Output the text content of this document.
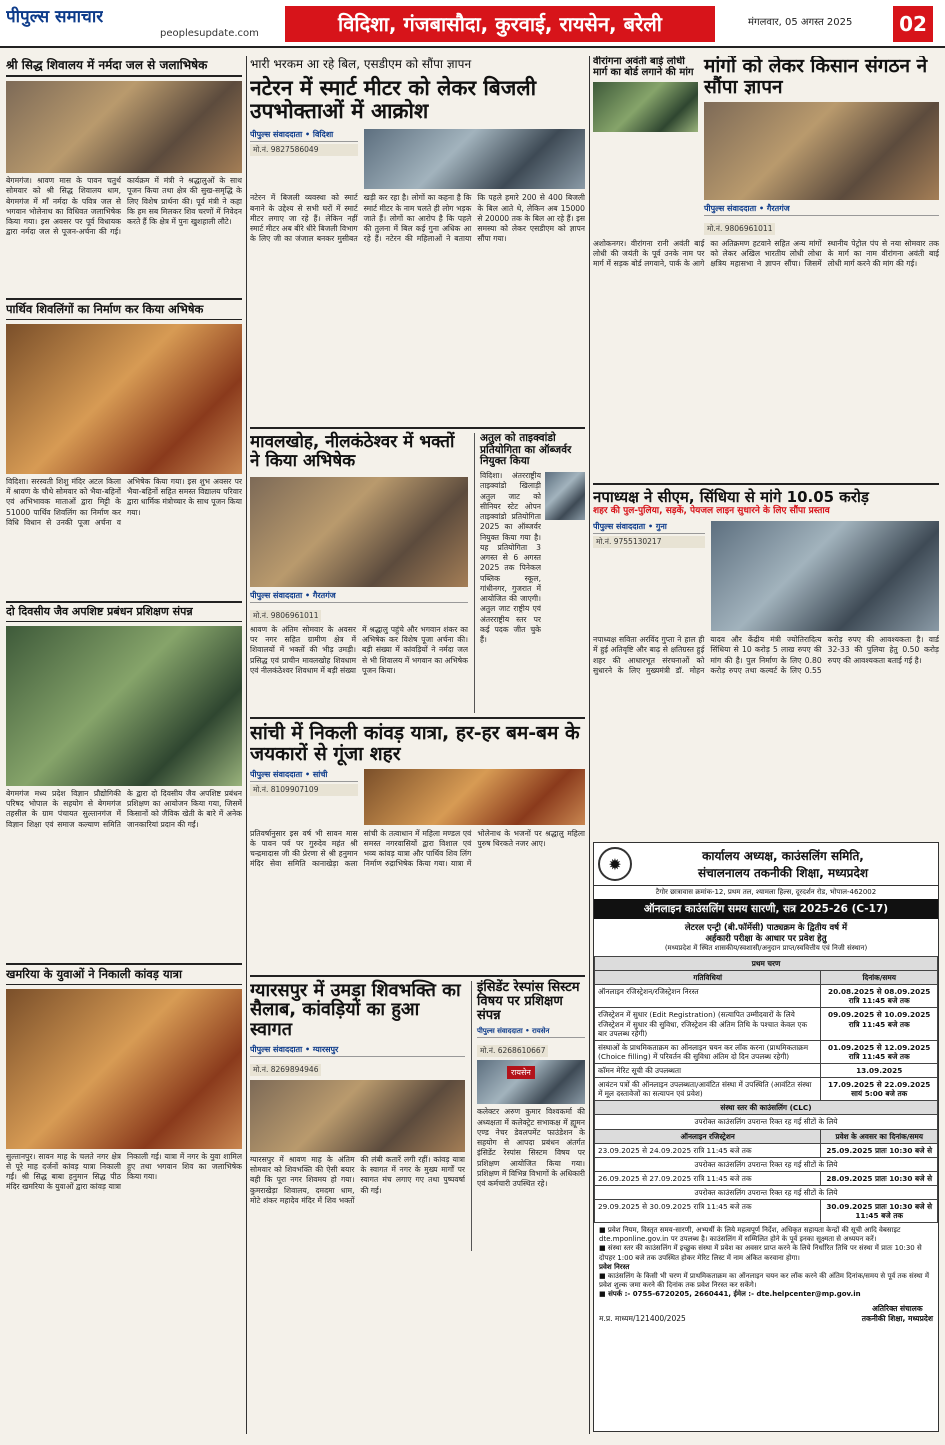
पीपुल्स समाचार
peoplesupdate.com	विदिशा, गंजबासौदा, कुरवाई, रायसेन, बरेली	मंगलवार, 05 अगस्त 2025	02
श्री सिद्ध शिवालय में नर्मदा जल से जलाभिषेक
बेगमगंज। श्रावण मास के पावन चतुर्थ सोमवार को श्री सिद्ध शिवालय धाम, बेगमगंज में माँ नर्मदा के पवित्र जल से भगवान भोलेनाथ का विधिवत जलाभिषेक किया गया। इस अवसर पर पूर्व विधायक द्वारा नर्मदा जल से पूजन-अर्चना की गई। कार्यक्रम में मंत्री ने श्रद्धालुओं के साथ पूजन किया तथा क्षेत्र की सुख-समृद्धि के लिए विशेष प्रार्थना की। पूर्व मंत्री ने कहा कि हम सब मिलकर शिव चरणों में निवेदन करते हैं कि क्षेत्र में पुनः खुशहाली लौटे।
पार्थिव शिवलिंगों का निर्माण कर किया अभिषेक
विदिशा। सरस्वती शिशु मंदिर अटल किला में श्रावण के चौथे सोमवार को भैया-बहिनों एवं अभिभावक माताओं द्वारा मिट्टी के 51000 पार्थिव शिवलिंग का निर्माण कर विधि विधान से उनकी पूजा अर्चना व अभिषेक किया गया। इस शुभ अवसर पर भैया-बहिनों सहित समस्त विद्यालय परिवार द्वारा धार्मिक मंत्रोच्चार के साथ पूजन किया गया।
दो दिवसीय जैव अपशिष्ट प्रबंधन प्रशिक्षण संपन्न
बेगमगंज मध्य प्रदेश विज्ञान प्रौद्योगिकी परिषद भोपाल के सहयोग से बेगमगंज तहसील के ग्राम पंचायत सुल्तानगंज में विज्ञान शिक्षा एवं समाज कल्याण समिति के द्वारा दो दिवसीय जैव अपशिष्ट प्रबंधन प्रशिक्षण का आयोजन किया गया, जिसमें किसानों को जैविक खेती के बारे में अनेक जानकारियां प्रदान की गईं।
खमरिया के युवाओं ने निकाली कांवड़ यात्रा
सुल्तानपुर। सावन माह के चलते नगर क्षेत्र से पूरे माह दर्जनों कांवड़ यात्रा निकाली गईं। श्री सिद्ध बाबा हनुमान सिद्ध पीठ मंदिर खमरिया के युवाओं द्वारा कांवड़ यात्रा निकाली गई। यात्रा में नगर के युवा शामिल हुए तथा भगवान शिव का जलाभिषेक किया गया।
भारी भरकम आ रहे बिल, एसडीएम को सौंपा ज्ञापन
नटेरन में स्मार्ट मीटर को लेकर बिजली उपभोक्ताओं में आक्रोश
पीपुल्स संवाददाता • विदिशा
मो.नं. 9827586049
नटेरन में बिजली व्यवस्था को स्मार्ट बनाने के उद्देश्य से सभी घरों में स्मार्ट मीटर लगाए जा रहे हैं। लेकिन नहीं स्मार्ट मीटर अब बीरे धीरे बिजली विभाग के लिए जी का जंजाल बनकर मुसीबत खड़ी कर रहा है। लोगों का कहना है कि स्मार्ट मीटर के नाम चलते ही लोग भड़क जाते हैं। लोगों का आरोप है कि पहले की तुलना में बिल कई गुना अधिक आ रहे हैं। नटेरन की महिलाओं ने बताया कि पहले हमारे 200 से 400 बिजली के बिल आते थे, लेकिन अब 15000 से 20000 तक के बिल आ रहे हैं। इस समस्या को लेकर एसडीएम को ज्ञापन सौंपा गया।
मावलखोह, नीलकंठेश्वर में भक्तों ने किया अभिषेक
पीपुल्स संवाददाता • गैरतगंज
मो.नं. 9806961011
श्रावण के अंतिम सोमवार के अवसर पर नगर सहित ग्रामीण क्षेत्र में शिवालयों में भक्तों की भीड़ उमड़ी। प्रसिद्ध एवं प्राचीन मावलखोह शिवधाम एवं नीलकंठेश्वर शिवधाम में बड़ी संख्या में श्रद्धालु पहुंचे और भगवान शंकर का अभिषेक कर विशेष पूजा अर्चना की। बड़ी संख्या में कांवड़ियों ने नर्मदा जल से भी शिवालय में भगवान का अभिषेक पूजन किया।
अतुल को ताइक्वांडो प्रतियोगिता का ऑब्जर्वर नियुक्त किया
विदिशा। अंतरराष्ट्रीय ताइक्वांडो खिलाड़ी अतुल जाट को सीनियर स्टेट ओपन ताइक्वांडो प्रतियोगिता 2025 का ऑब्जर्वर नियुक्त किया गया है। यह प्रतियोगिता 3 अगस्त से 6 अगस्त 2025 तक पिनेकल पब्लिक स्कूल, गांधीनगर, गुजरात में आयोजित की जाएगी। अतुल जाट राष्ट्रीय एवं अंतरराष्ट्रीय स्तर पर कई पदक जीत चुके हैं।
सांची में निकली कांवड़ यात्रा, हर-हर बम-बम के जयकारों से गूंजा शहर
पीपुल्स संवाददाता • सांची
मो.नं. 8109907109
प्रतिवर्षानुसार इस वर्ष भी सावन मास के पावन पर्व पर गुरुदेव महंत श्री चन्द्रमादास जी की प्रेरणा से श्री हनुमान मंदिर सेवा समिति कानाखेड़ा कला सांची के तत्वाधान में महिला मण्डल एवं समस्त नगरवासियों द्वारा विशाल एवं भव्य कांवड़ यात्रा और पार्थिव शिव लिंग निर्माण रुद्राभिषेक किया गया। यात्रा में भोलेनाथ के भजनों पर श्रद्धालु महिला पुरुष थिरकते नजर आए।
ग्यारसपुर में उमड़ा शिवभक्ति का सैलाब, कांवड़ियों का हुआ स्वागत
पीपुल्स संवाददाता • ग्यारसपुर
मो.नं. 8269894946
ग्यारसपुर में श्रावण माह के अंतिम सोमवार को शिवभक्ति की ऐसी बयार बही कि पूरा नगर शिवमय हो गया। कुमराखेड़ा शिवालय, दमदमा धाम, मोटे शंकर महादेव मंदिर में शिव भक्तों की लंबी कतारें लगी रहीं। कांवड़ यात्रा के स्वागत में नगर के मुख्य मार्गों पर स्वागत मंच लगाए गए तथा पुष्पवर्षा की गई।
इंसिडेंट रेस्पांस सिस्टम विषय पर प्रशिक्षण संपन्न
पीपुल्स संवाददाता • रायसेन
मो.नं. 6268610667
रायसेन
कलेक्टर अरुण कुमार विश्वकर्मा की अध्यक्षता में कलेक्ट्रेट सभाकक्ष में ह्यूमन एण्ड नेचर डेवलपमेंट फाउंडेशन के सहयोग से आपदा प्रबंधन अंतर्गत इंसिडेंट रेस्पांस सिस्टम विषय पर प्रशिक्षण आयोजित किया गया। प्रशिक्षण में विभिन्न विभागों के अधिकारी एवं कर्मचारी उपस्थित रहे।
वीरांगना अवंती बाई लोधी मार्ग का बोर्ड लगाने की मांग मांगों को लेकर किसान संगठन ने सौंपा ज्ञापन
पीपुल्स संवाददाता • गैरतगंज
मो.नं. 9806961011
अशोकनगर। वीरांगना रानी अवंती बाई लोधी की जयंती के पूर्व उनके नाम पर मार्ग में सड़क बोर्ड लगवाने, पार्क के आगे का अतिक्रमण हटवाने सहित अन्य मांगों को लेकर अखिल भारतीय लोधी लोधा क्षत्रिय महासभा ने ज्ञापन सौंपा। जिसमें स्थानीय पेट्रोल पंप से नया सोमवार तक के मार्ग का नाम वीरांगना अवंती बाई लोधी मार्ग करने की मांग की गई।
नपाध्यक्ष ने सीएम, सिंधिया से मांगे 10.05 करोड़
शहर की पुल-पुलिया, सड़कें, पेयजल लाइन सुधारने के लिए सौंपा प्रस्ताव
पीपुल्स संवाददाता • गुना
मो.नं. 9755130217
नपाध्यक्ष सविता अरविंद गुप्ता ने हाल ही में हुई अतिवृष्टि और बाढ़ से क्षतिग्रस्त हुई शहर की आधारभूत संरचनाओं को सुधारने के लिए मुख्यमंत्री डॉ. मोहन यादव और केंद्रीय मंत्री ज्योतिरादित्य सिंधिया से 10 करोड़ 5 लाख रुपए की मांग की है। पुल निर्माण के लिए 0.80 करोड़ रुपए तथा कल्वर्ट के लिए 0.55 करोड़ रुपए की आवश्यकता है। वार्ड 32-33 की पुलिया हेतु 0.50 करोड़ रुपए की आवश्यकता बताई गई है।
✹	कार्यालय अध्यक्ष, काउंसलिंग समिति,
संचालनालय तकनीकी शिक्षा, मध्यप्रदेश
टैगोर छात्रावास क्रमांक-12, प्रथम तल, श्यामला हिल्स, दूरदर्शन रोड, भोपाल-462002
ऑनलाइन काउंसलिंग समय सारणी, सत्र 2025-26 (C-17)
लेटरल एन्ट्री (बी.फॉर्मेसी) पाठ्यक्रम के द्वितीय वर्ष में
अर्हकारी परीक्षा के आधार पर प्रवेश हेतु
(मध्यप्रदेश में स्थित शासकीय/स्वशासी/अनुदान प्राप्त/स्ववित्तीय एवं निजी संस्थान)
प्रथम चरण	
गतिविधियां	दिनांक/समय
ऑनलाइन रजिस्ट्रेशन/रजिस्ट्रेशन निरस्त	20.08.2025 से 08.09.2025 रात्रि 11:45 बजे तक
रजिस्ट्रेशन में सुधार (Edit Registration) (सत्यापित उम्मीदवारों के लिये रजिस्ट्रेशन में सुधार की सुविधा, रजिस्ट्रेशन की अंतिम तिथि के पश्चात केवल एक बार उपलब्ध रहेगी)	09.09.2025 से 10.09.2025 रात्रि 11:45 बजे तक
संस्थाओं के प्राथमिकताक्रम का ऑनलाइन चयन कर लॉक करना (प्राथमिकताक्रम (Choice filling) में परिवर्तन की सुविधा अंतिम दो दिन उपलब्ध रहेगी)	01.09.2025 से 12.09.2025 रात्रि 11:45 बजे तक
कॉमन मेरिट सूची की उपलब्धता	13.09.2025
आवंटन पत्रों की ऑनलाइन उपलब्धता/आवंटित संस्था में उपस्थिति (आवंटित संस्था में मूल दस्तावेजों का सत्यापन एवं प्रवेश)	17.09.2025 से 22.09.2025 सायं 5:00 बजे तक
संस्था स्तर की काउंसलिंग (CLC)	
उपरोक्त काउंसलिंग उपरान्त रिक्त रह गई सीटों के लिये	
ऑनलाइन रजिस्ट्रेशन	प्रवेश के अवसर का दिनांक/समय
23.09.2025 से 24.09.2025 रात्रि 11:45 बजे तक	25.09.2025 प्रातः 10:30 बजे से
उपरोक्त काउंसलिंग उपरान्त रिक्त रह गई सीटों के लिये	
26.09.2025 से 27.09.2025 रात्रि 11:45 बजे तक	28.09.2025 प्रातः 10:30 बजे से
उपरोक्त काउंसलिंग उपरान्त रिक्त रह गई सीटों के लिये	
29.09.2025 से 30.09.2025 रात्रि 11:45 बजे तक	30.09.2025 प्रातः 10:30 बजे से 11:45 बजे तक
■ प्रवेश नियम, विस्तृत समय-सारणी, अभ्यर्थी के लिये महत्वपूर्ण निर्देश, अधिकृत सहायता केन्द्रों की सूची आदि वेबसाइट dte.mponline.gov.in पर उपलब्ध है। काउंसलिंग में सम्मिलित होने के पूर्व इनका सूक्ष्मता से अध्ययन करें।
■ संस्था स्तर की काउंसलिंग में इच्छुक संस्था में प्रवेश का अवसर प्राप्त करने के लिये निर्धारित तिथि पर संस्था में प्रातः 10:30 से दोपहर 1:00 बजे तक उपस्थित होकर मेरिट लिस्ट में नाम अंकित करवाना होगा।
प्रवेश निरस्त
■ काउंसलिंग के किसी भी चरण में प्राथमिकताक्रम का ऑनलाइन चयन कर लॉक करने की अंतिम दिनांक/समय से पूर्व तक संस्था में प्रवेश शुल्क जमा करने की दिनांक तक प्रवेश निरस्त कर सकेंगे।
■ संपर्क :- 0755-6720205, 2660441, ईमेल :- dte.helpcenter@mp.gov.in
म.प्र. माध्यम/121400/2025
अतिरिक्त संचालक
तकनीकी शिक्षा, मध्यप्रदेश
